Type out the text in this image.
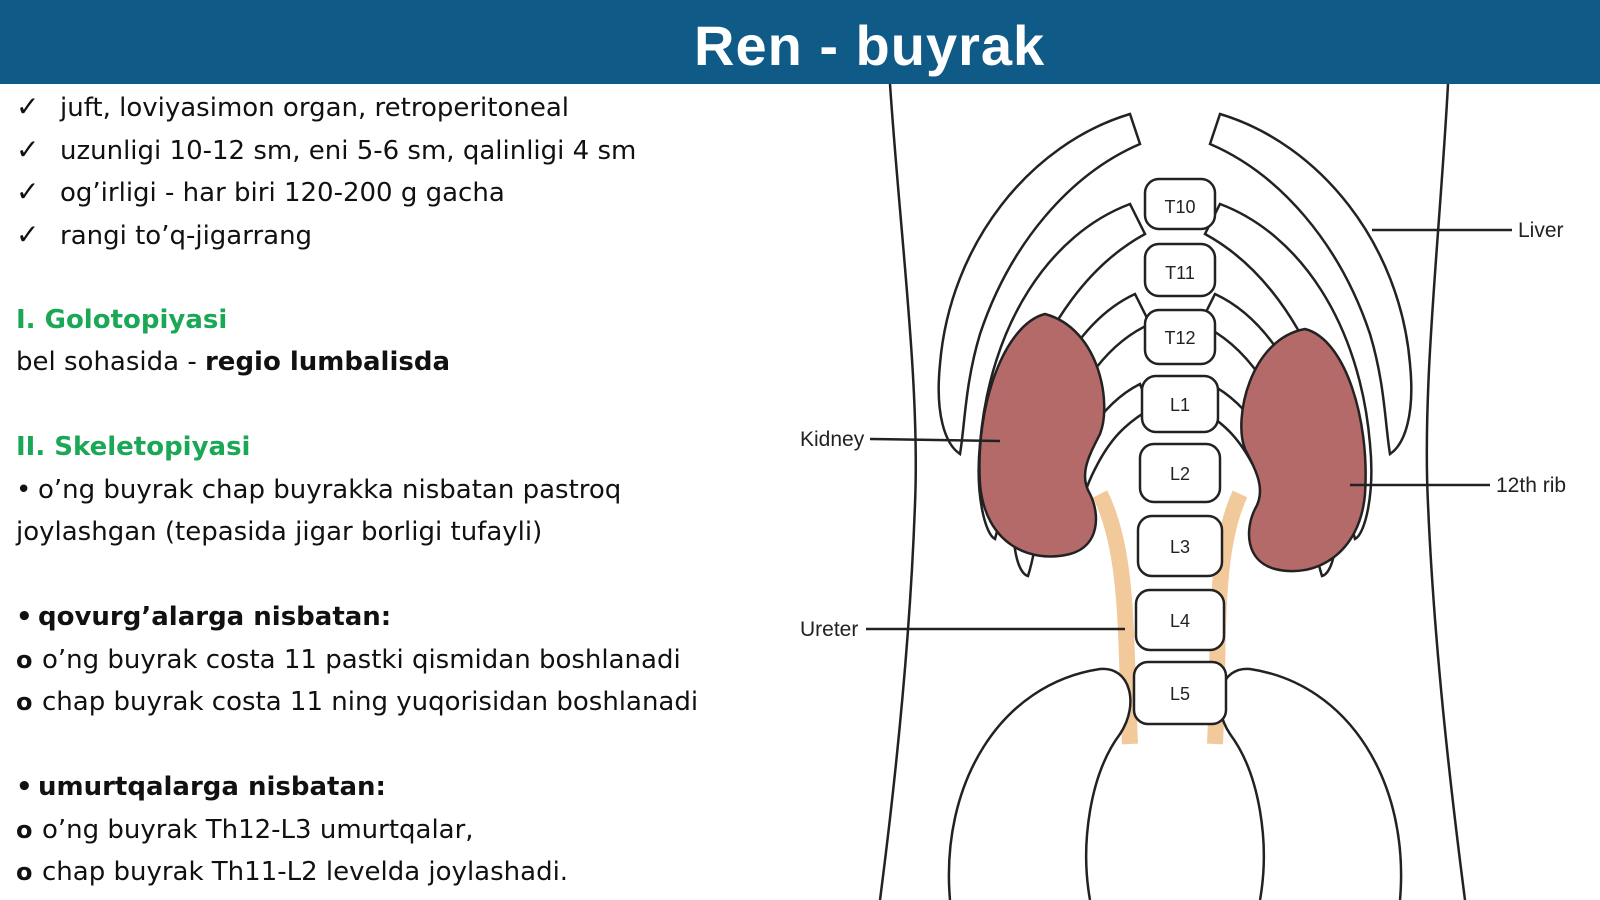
Ren - buyrak
✓ juft, loviyasimon organ, retroperitoneal
✓ uzunligi 10-12 sm, eni 5-6 sm, qalinligi 4 sm
✓ og’irligi - har biri 120-200 g gacha
✓ rangi to’q-jigarrang
I. Golotopiyasi
bel sohasida - regio lumbalisda
II. Skeletopiyasi
• o’ng buyrak chap buyrakka nisbatan pastroq
joylashgan (tepasida jigar borligi tufayli)
• qovurg’alarga nisbatan:
o o’ng buyrak costa 11 pastki qismidan boshlanadi
o chap buyrak costa 11 ning yuqorisidan boshlanadi
• umurtqalarga nisbatan:
o o’ng buyrak Th12-L3 umurtqalar,
o chap buyrak Th11-L2 levelda joylashadi.
T10
T11
T12
L1
L2
L3
L4
L5
Liver
Kidney
12th rib
Ureter
